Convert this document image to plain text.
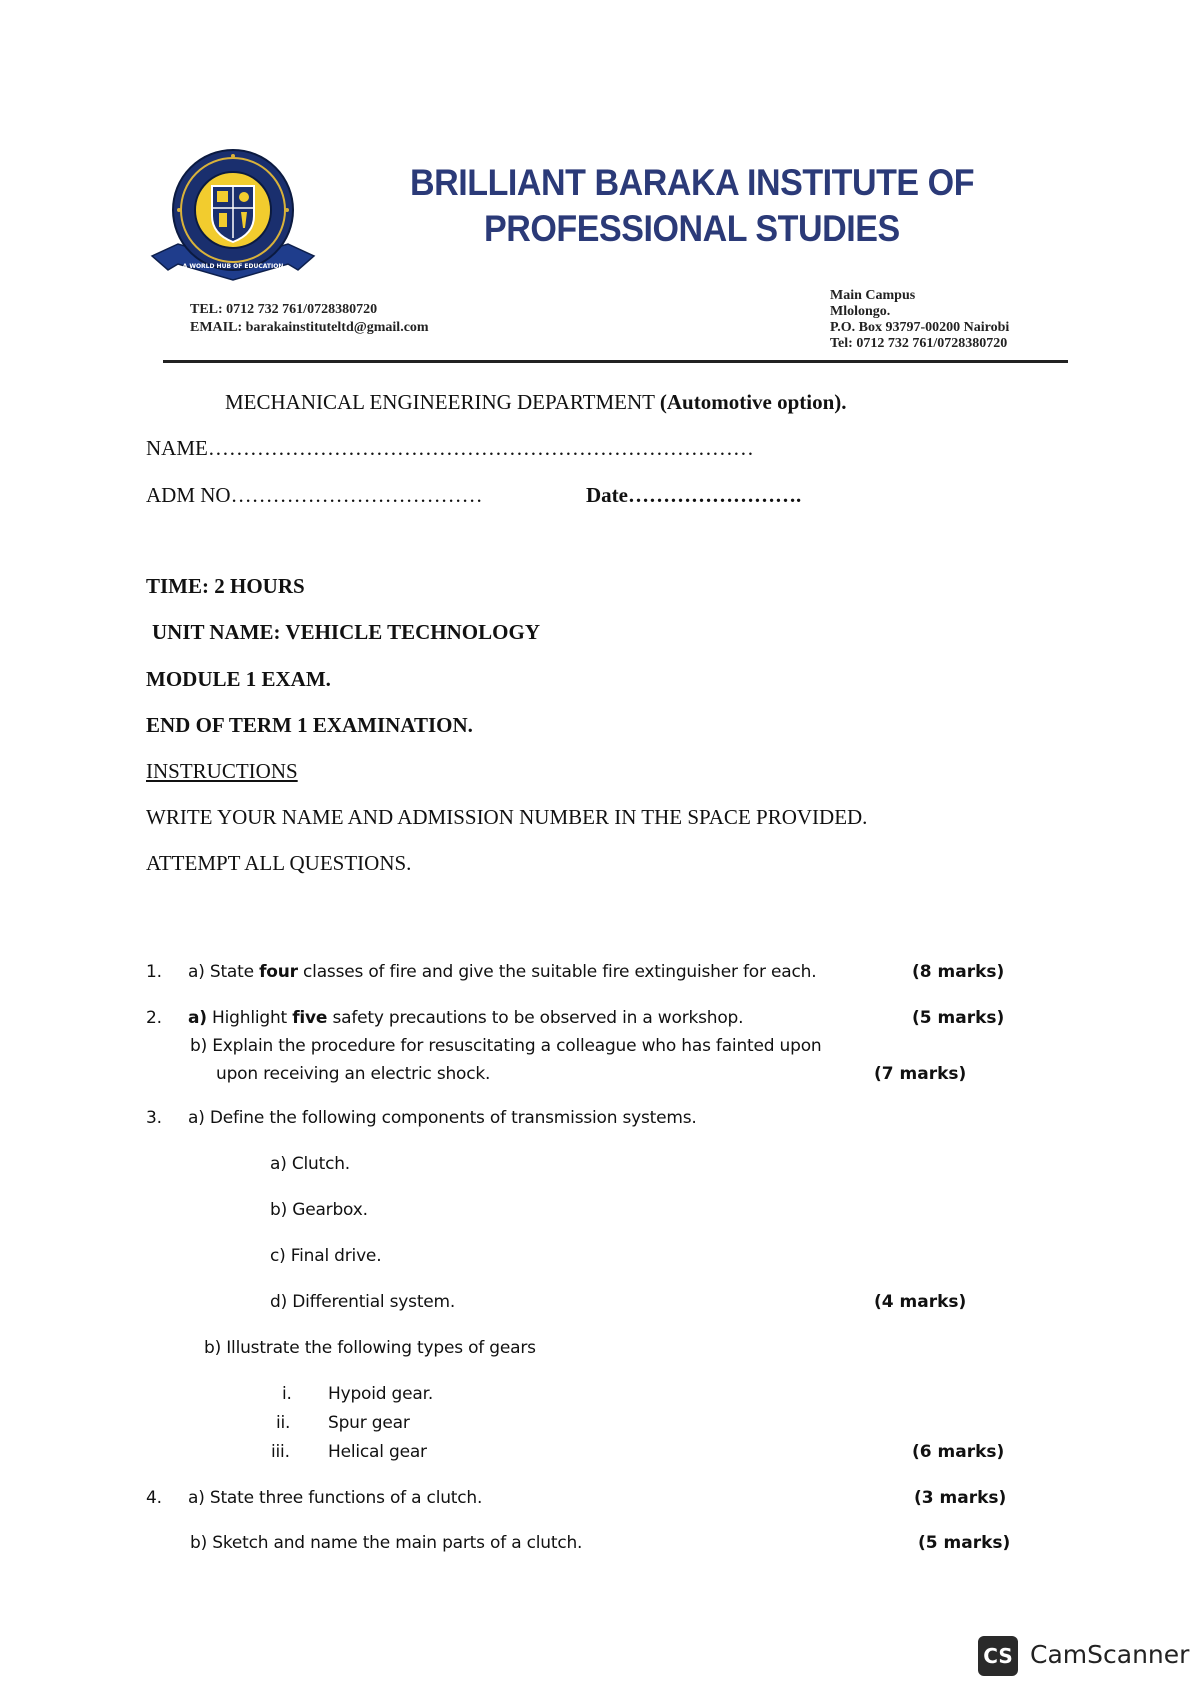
A WORLD HUB OF EDUCATION
BRILLIANT BARAKA INSTITUTE OF
PROFESSIONAL STUDIES
TEL: 0712 732 761/0728380720
EMAIL: barakainstituteltd@gmail.com
Main Campus
Mlolongo.
P.O. Box 93797-00200 Nairobi
Tel: 0712 732 761/0728380720
MECHANICAL ENGINEERING DEPARTMENT (Automotive option).
NAME……………………………………………………………………
ADM NO………………………………	Date…………………….
TIME: 2 HOURS
UNIT NAME: VEHICLE TECHNOLOGY
MODULE 1 EXAM.
END OF TERM 1 EXAMINATION.
INSTRUCTIONS
WRITE YOUR NAME AND ADMISSION NUMBER IN THE SPACE PROVIDED.
ATTEMPT ALL QUESTIONS.
1. a) State four classes of fire and give the suitable fire extinguisher for each.	(8 marks)
2. a) Highlight five safety precautions to be observed in a workshop.	(5 marks)
b) Explain the procedure for resuscitating a colleague who has fainted upon
upon receiving an electric shock.	(7 marks)
3. a) Define the following components of transmission systems.
a) Clutch.
b) Gearbox.
c) Final drive.
d) Differential system.	(4 marks)
b) Illustrate the following types of gears
i. Hypoid gear.
ii. Spur gear
iii. Helical gear	(6 marks)
4. a) State three functions of a clutch.	(3 marks)
b) Sketch and name the main parts of a clutch.	(5 marks)
CS CamScanner
